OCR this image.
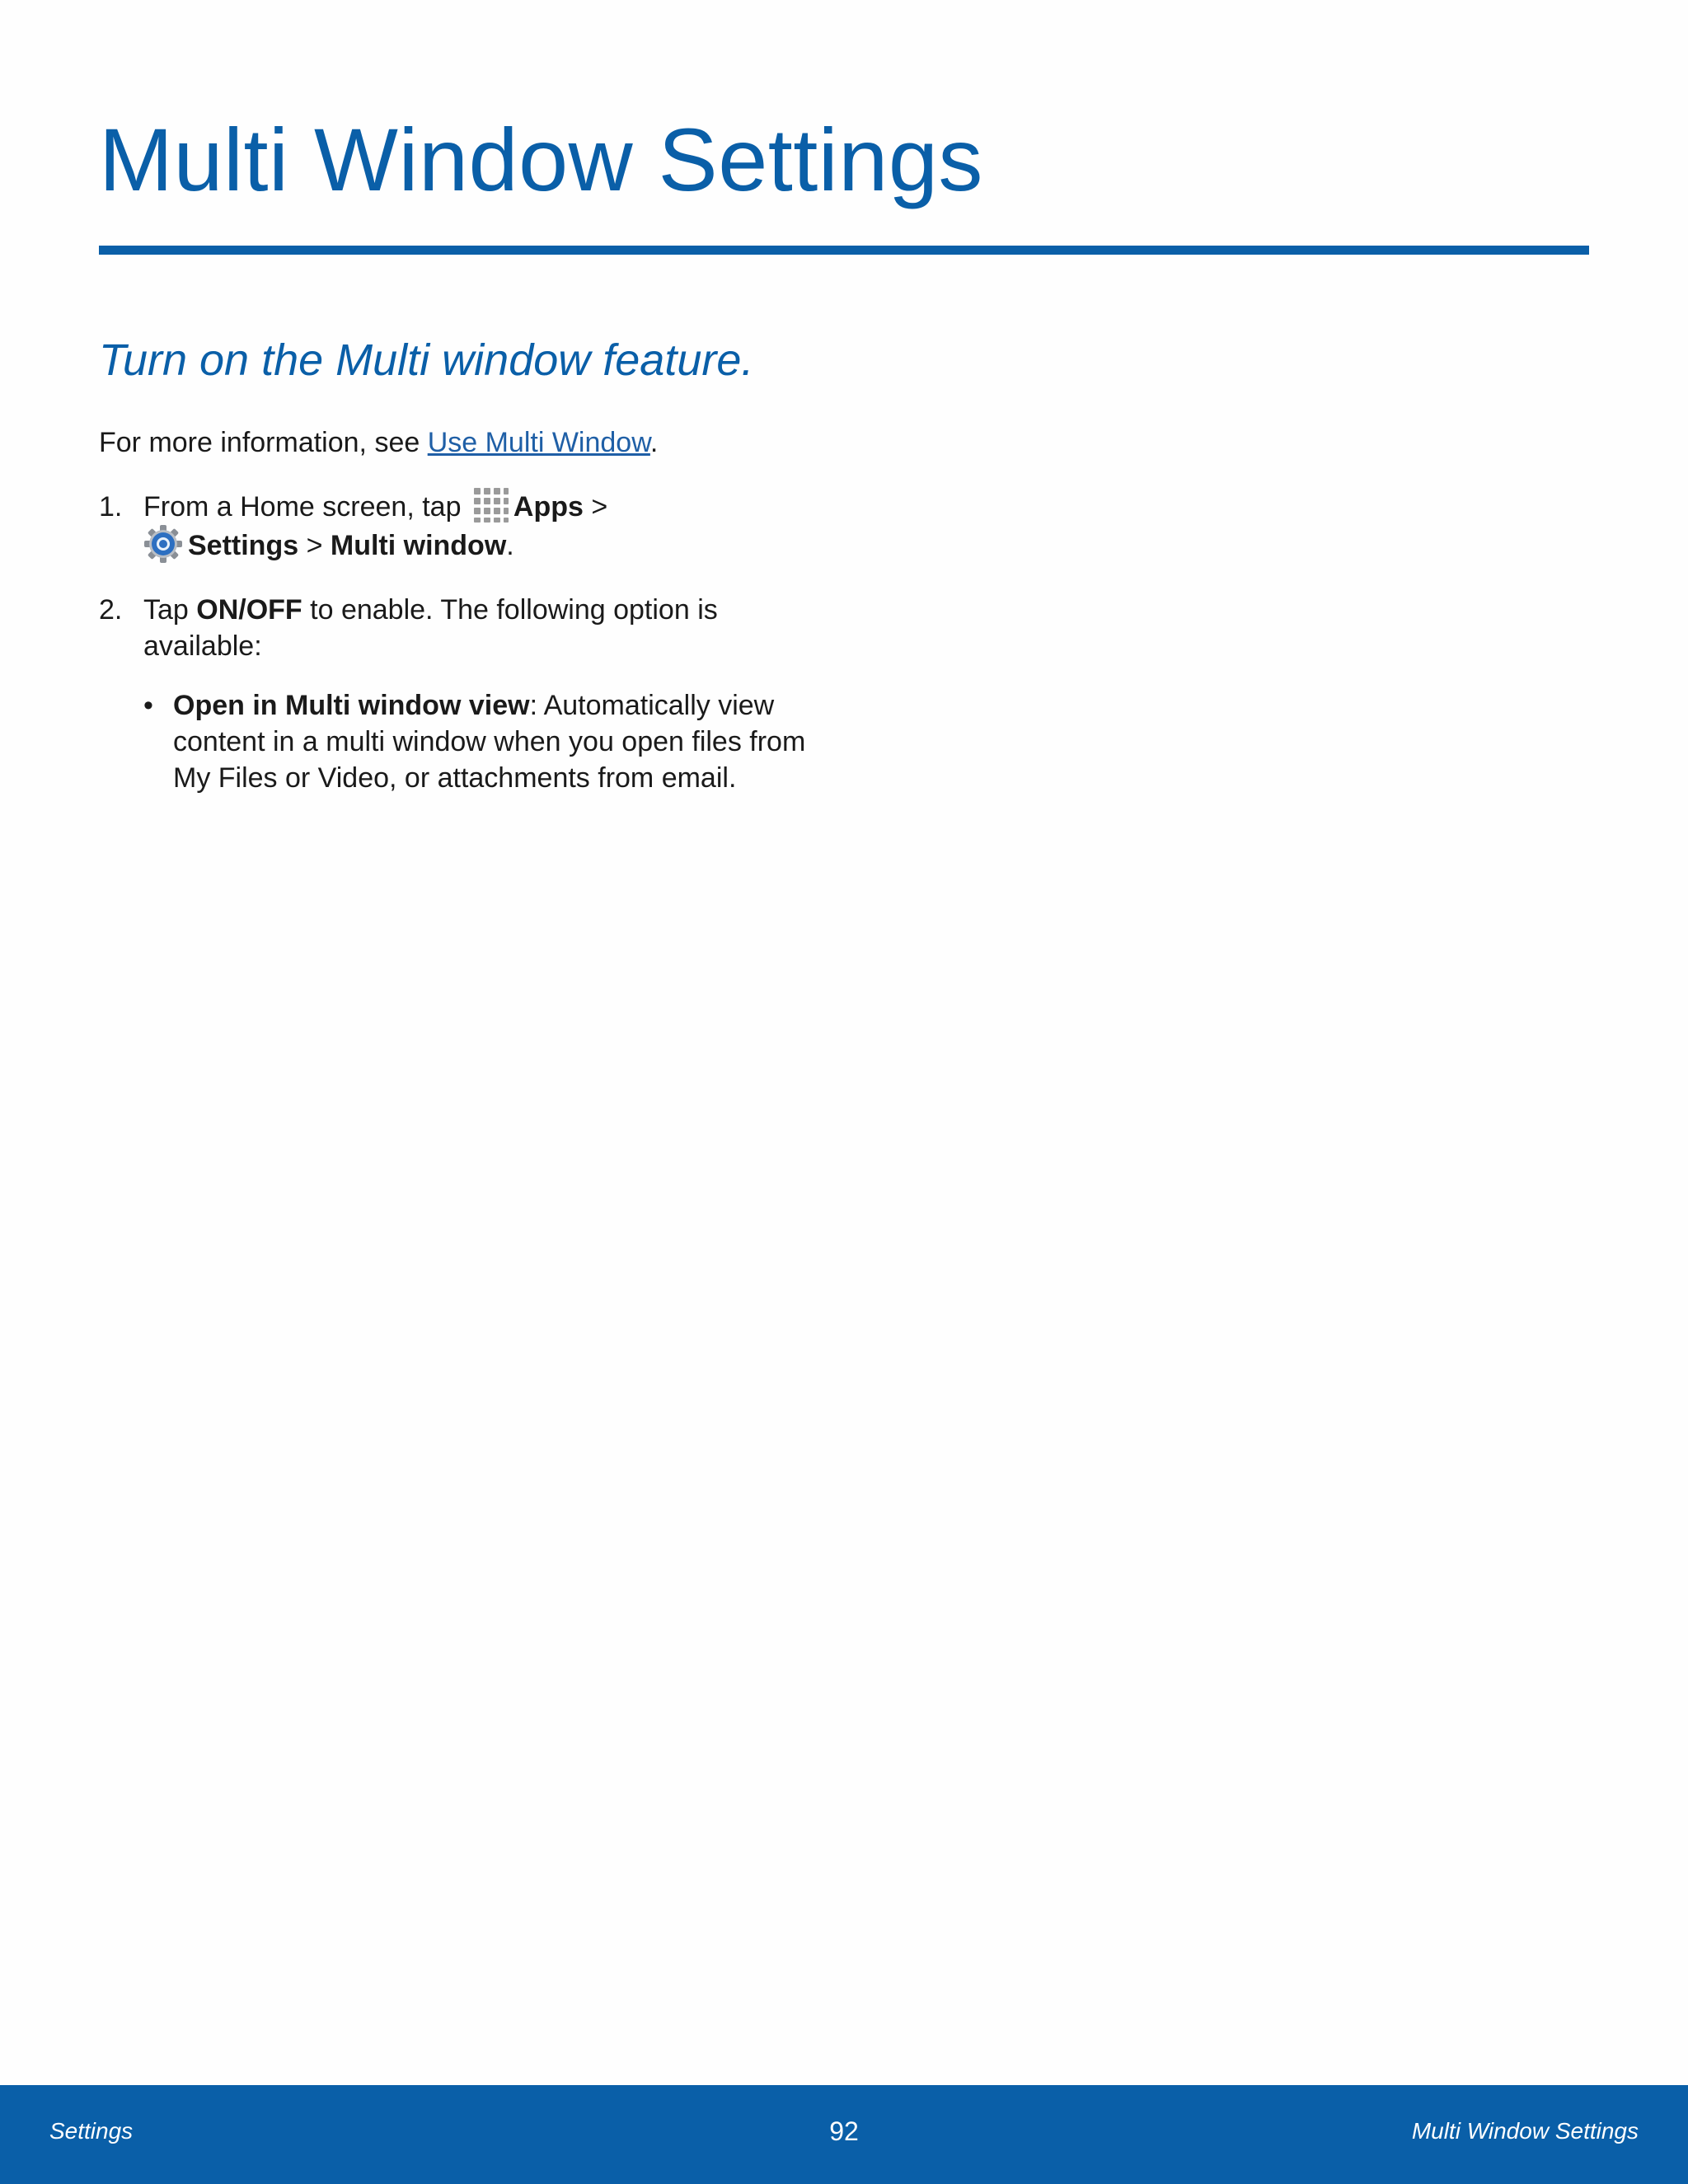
Multi Window Settings
Turn on the Multi window feature.

For more information, see Use Multi Window.

1. From a Home screen, tap Apps >
Settings > Multi window.
2. Tap ON/OFF to enable. The following option is available:
• Open in Multi window view: Automatically view content in a multi window when you open files from My Files or Video, or attachments from email.
Settings	92	Multi Window Settings
